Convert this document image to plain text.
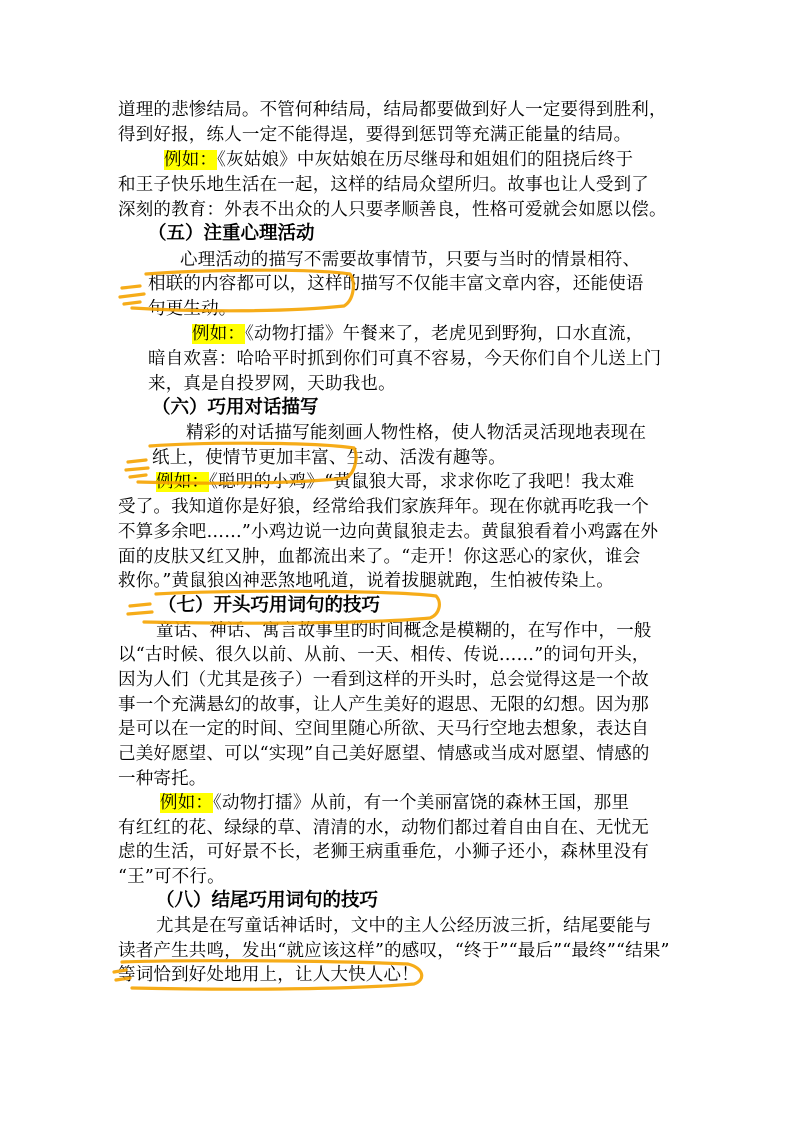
道理的悲惨结局。不管何种结局，结局都要做到好人一定要得到胜利，
得到好报，练人一定不能得逞，要得到惩罚等充满正能量的结局。
例如：《灰姑娘》中灰姑娘在历尽继母和姐姐们的阻挠后终于
和王子快乐地生活在一起，这样的结局众望所归。故事也让人受到了
深刻的教育：外表不出众的人只要孝顺善良，性格可爱就会如愿以偿。
（五）注重心理活动
心理活动的描写不需要故事情节，只要与当时的情景相符、
相联的内容都可以，这样的描写不仅能丰富文章内容，还能使语
句更生动。
例如：《动物打擂》午餐来了，老虎见到野狗，口水直流，
暗自欢喜：哈哈平时抓到你们可真不容易，今天你们自个儿送上门
来，真是自投罗网，天助我也。
（六）巧用对话描写
精彩的对话描写能刻画人物性格，使人物活灵活现地表现在
纸上，使情节更加丰富、生动、活泼有趣等。
例如：《聪明的小鸡》“黄鼠狼大哥，求求你吃了我吧！我太难
受了。我知道你是好狼，经常给我们家族拜年。现在你就再吃我一个
不算多余吧……”小鸡边说一边向黄鼠狼走去。黄鼠狼看着小鸡露在外
面的皮肤又红又肿，血都流出来了。“走开！你这恶心的家伙，谁会
救你。”黄鼠狼凶神恶煞地吼道，说着拔腿就跑，生怕被传染上。
（七）开头巧用词句的技巧
童话、神话、寓言故事里的时间概念是模糊的，在写作中，一般
以“古时候、很久以前、从前、一天、相传、传说……”的词句开头，
因为人们（尤其是孩子）一看到这样的开头时，总会觉得这是一个故
事一个充满悬幻的故事，让人产生美好的遐思、无限的幻想。因为那
是可以在一定的时间、空间里随心所欲、天马行空地去想象，表达自
己美好愿望、可以“实现”自己美好愿望、情感或当成对愿望、情感的
一种寄托。
例如：《动物打擂》从前，有一个美丽富饶的森林王国，那里
有红红的花、绿绿的草、清清的水，动物们都过着自由自在、无忧无
虑的生活，可好景不长，老狮王病重垂危，小狮子还小，森林里没有
“王”可不行。
（八）结尾巧用词句的技巧
尤其是在写童话神话时，文中的主人公经历波三折，结尾要能与
读者产生共鸣，发出“就应该这样”的感叹，“终于”“最后”“最终”“结果”
等词恰到好处地用上，让人大快人心！
